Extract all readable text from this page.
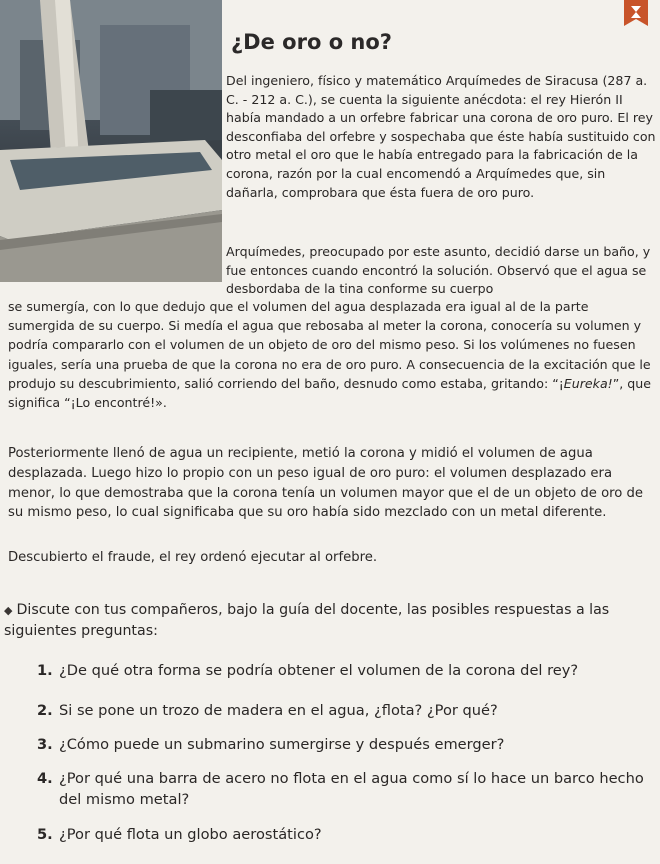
¿De oro o no?

Del ingeniero, físico y matemático Arquímedes de Siracusa (287 a. C. - 212 a. C.), se cuenta la siguiente anécdota: el rey Hierón II había mandado a un orfebre fabricar una corona de oro puro. El rey desconfiaba del orfebre y sospechaba que éste había sustituido con otro metal el oro que le había entregado para la fabricación de la corona, razón por la cual encomendó a Arquímedes que, sin dañarla, comprobara que ésta fuera de oro puro.

Arquímedes, preocupado por este asunto, decidió darse un baño, y fue entonces cuando encontró la solución. Observó que el agua se desbordaba de la tina conforme su cuerpo

se sumergía, con lo que dedujo que el volumen del agua desplazada era igual al de la parte sumergida de su cuerpo. Si medía el agua que rebosaba al meter la corona, conocería su volumen y podría compararlo con el volumen de un objeto de oro del mismo peso. Si los volúmenes no fuesen iguales, sería una prueba de que la corona no era de oro puro. A consecuencia de la excitación que le produjo su descubrimiento, salió corriendo del baño, desnudo como estaba, gritando: “¡Eureka!”, que significa “¡Lo encontré!».

Posteriormente llenó de agua un recipiente, metió la corona y midió el volumen de agua desplazada. Luego hizo lo propio con un peso igual de oro puro: el volumen desplazado era menor, lo que demostraba que la corona tenía un volumen mayor que el de un objeto de oro de su mismo peso, lo cual significaba que su oro había sido mezclado con un metal diferente.

Descubierto el fraude, el rey ordenó ejecutar al orfebre.

◆ Discute con tus compañeros, bajo la guía del docente, las posibles respuestas a las siguientes preguntas:

1. ¿De qué otra forma se podría obtener el volumen de la corona del rey?
2. Si se pone un trozo de madera en el agua, ¿flota? ¿Por qué?
3. ¿Cómo puede un submarino sumergirse y después emerger?
4. ¿Por qué una barra de acero no flota en el agua como sí lo hace un barco hecho del mismo metal?
5. ¿Por qué flota un globo aerostático?
